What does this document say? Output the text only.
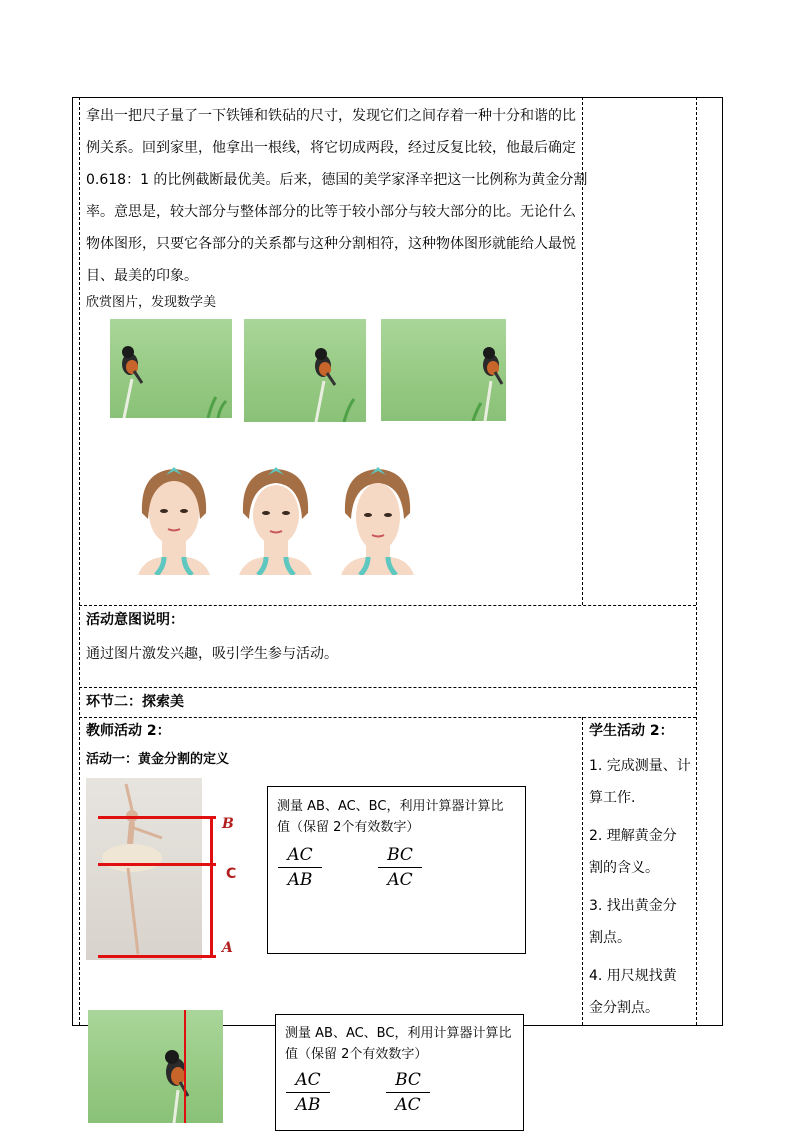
拿出一把尺子量了一下铁锤和铁砧的尺寸，发现它们之间存着一种十分和谐的比
例关系。回到家里，他拿出一根线，将它切成两段，经过反复比较，他最后确定
0.618：1 的比例截断最优美。后来，德国的美学家泽辛把这一比例称为黄金分割
率。意思是，较大部分与整体部分的比等于较小部分与较大部分的比。无论什么
物体图形，只要它各部分的关系都与这种分割相符，这种物体图形就能给人最悦
目、最美的印象。
欣赏图片，发现数学美
活动意图说明：
通过图片激发兴趣，吸引学生参与活动。
环节二：探索美
教师活动 2：
活动一：黄金分割的定义
B
C
A
测量 AB、AC、BC，利用计算器计算比
值（保留 2个有效数字）
$\frac{AC}{AB}$	$\frac{BC}{AC}$
学生活动 2：
1. 完成测量、计
算工作.
2. 理解黄金分
割的含义。
3. 找出黄金分
割点。
4. 用尺规找黄
金分割点。
测量 AB、AC、BC，利用计算器计算比
值（保留 2个有效数字）
$\frac{AC}{AB}$	$\frac{BC}{AC}$
